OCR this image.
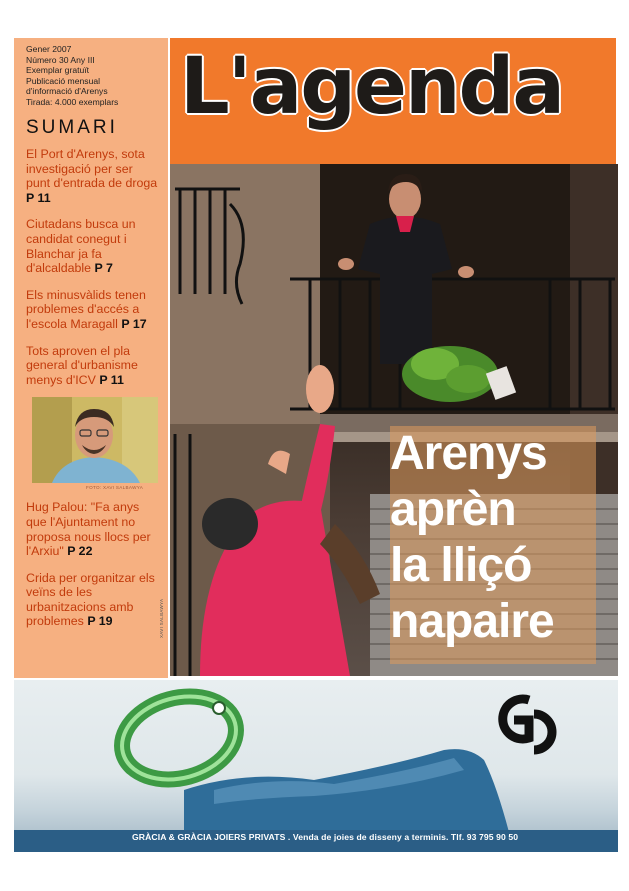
Gener 2007
Número 30 Any III
Exemplar gratuït
Publicació mensual
d'informació d'Arenys
Tirada: 4.000 exemplars
SUMARI
El Port d'Arenys, sota investigació per ser punt d'entrada de droga P 11
Ciutadans busca un candidat conegut i Blanchar ja fa d'alcaldable P 7
Els minusvàlids tenen problemes d'accés a l'escola Maragall P 17
Tots aproven el pla general d'urbanisme menys d'ICV P 11
FOTO: XAVI SALBAWYA
Hug Palou: "Fa anys que l'Ajuntament no proposa nous llocs per l'Arxiu" P 22
Crida per organitzar els veïns de les urbanitzacions amb problemes P 19
L'agenda
Arenys
aprèn
la lliçó
napaire
XAVI SALBAWYA
GRÀCIA & GRÀCIA JOIERS PRIVATS . Venda de joies de disseny a terminis. Tlf. 93 795 90 50
